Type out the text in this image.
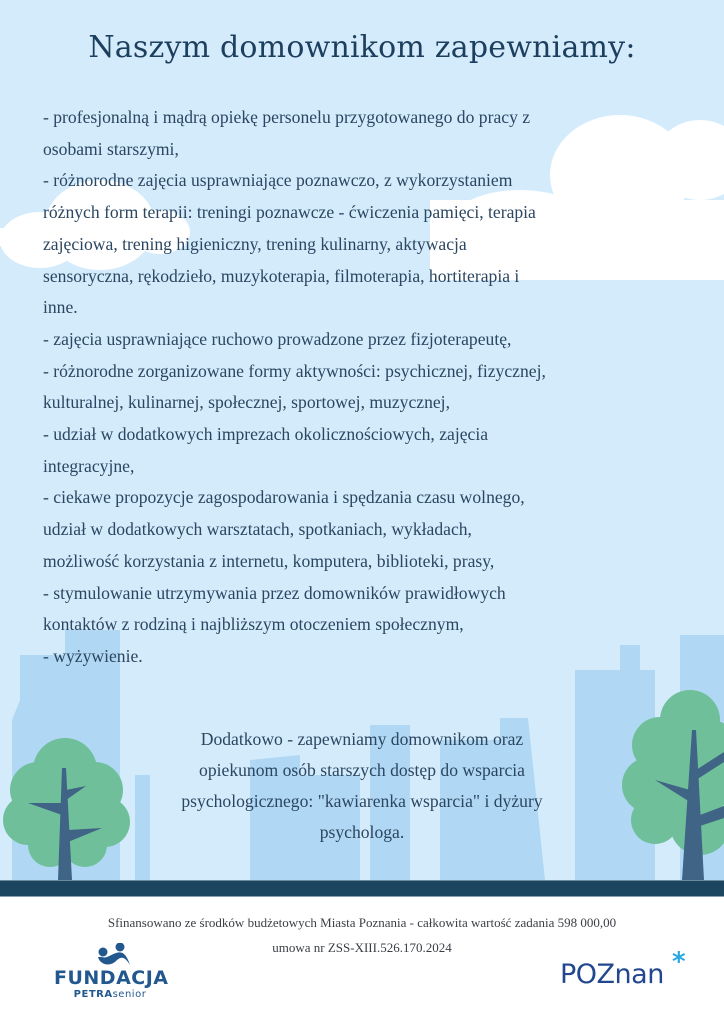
Naszym domownikom zapewniamy:
- profesjonalną i mądrą opiekę personelu przygotowanego do pracy z
osobami starszymi,
- różnorodne zajęcia usprawniające poznawczo, z wykorzystaniem
różnych form terapii: treningi poznawcze - ćwiczenia pamięci, terapia
zajęciowa, trening higieniczny, trening kulinarny, aktywacja
sensoryczna, rękodzieło, muzykoterapia, filmoterapia, hortiterapia i
inne.
- zajęcia usprawniające ruchowo prowadzone przez fizjoterapeutę,
- różnorodne zorganizowane formy aktywności: psychicznej, fizycznej,
kulturalnej, kulinarnej, społecznej, sportowej, muzycznej,
- udział w dodatkowych imprezach okolicznościowych, zajęcia
integracyjne,
- ciekawe propozycje zagospodarowania i spędzania czasu wolnego,
udział w dodatkowych warsztatach, spotkaniach, wykładach,
możliwość korzystania z internetu, komputera, biblioteki, prasy,
- stymulowanie utrzymywania przez domowników prawidłowych
kontaktów z rodziną i najbliższym otoczeniem społecznym,
- wyżywienie.
Dodatkowo - zapewniamy domownikom oraz
opiekunom osób starszych dostęp do wsparcia
psychologicznego: "kawiarenka wsparcia" i dyżury
psychologa.
Sfinansowano ze środków budżetowych Miasta Poznania - całkowita wartość zadania 598 000,00
umowa nr ZSS-XIII.526.170.2024
FUNDACJA
PETRAsenior
POZnan *
